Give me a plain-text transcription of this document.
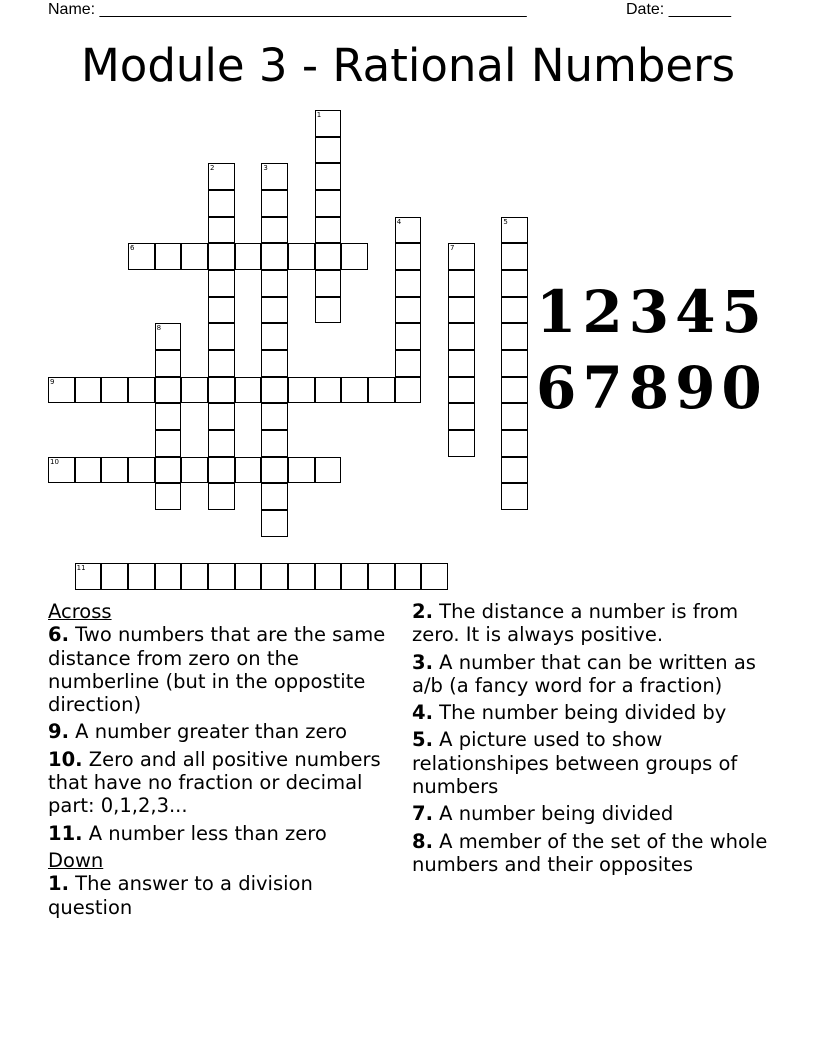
Name: ________________________________________________	Date: _______
Module 3 - Rational Numbers
1
2	3
4	5
6	7
8
9
10
11
12345
67890
Across
6. Two numbers that are the same distance from zero on the numberline (but in the oppostite direction)
9. A number greater than zero
10. Zero and all positive numbers that have no fraction or decimal part: 0,1,2,3...
11. A number less than zero
Down
1. The answer to a division question
2. The distance a number is from zero. It is always positive.
3. A number that can be written as a/b (a fancy word for a fraction)
4. The number being divided by
5. A picture used to show relationshipes between groups of numbers
7. A number being divided
8. A member of the set of the whole numbers and their opposites
